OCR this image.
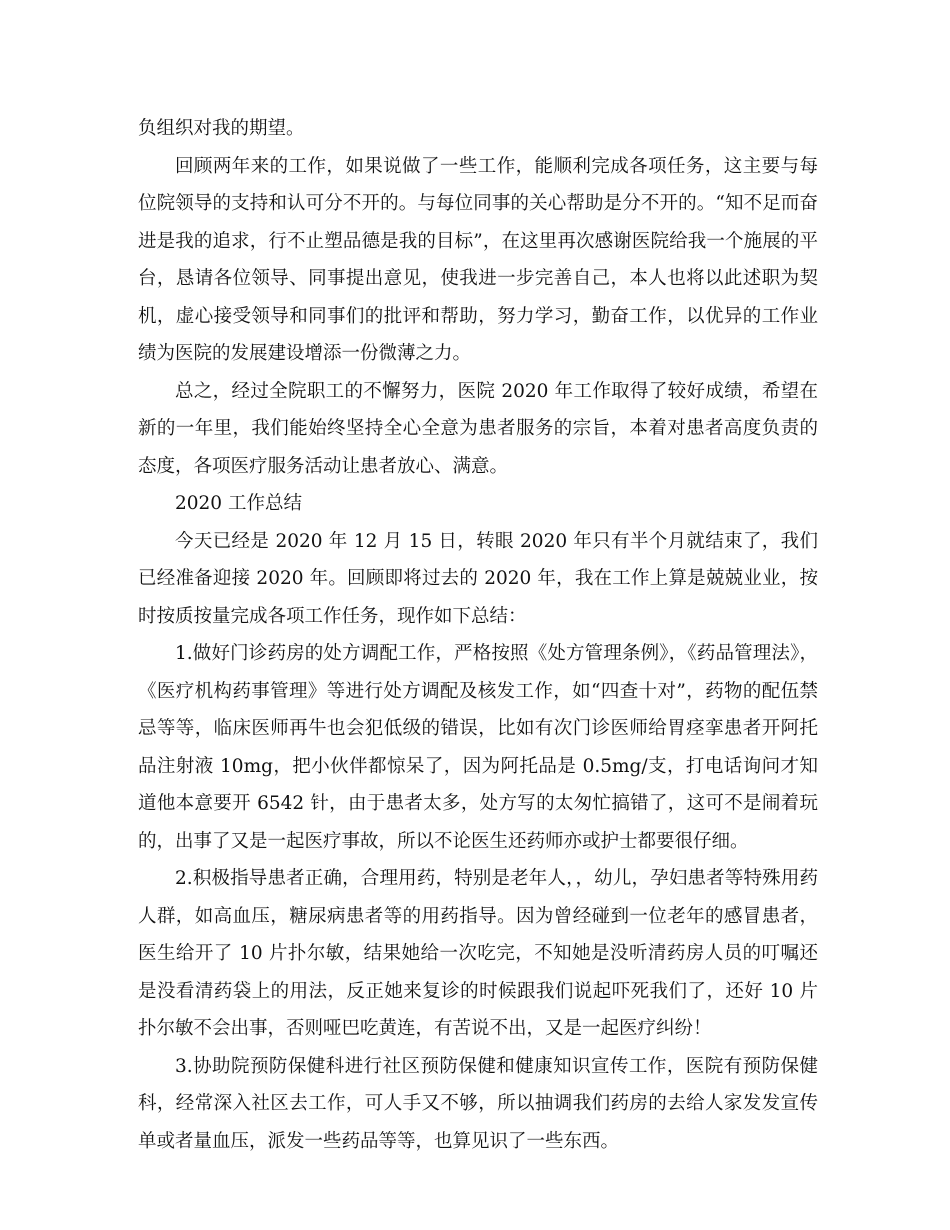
负组织对我的期望。

回顾两年来的工作，如果说做了一些工作，能顺利完成各项任务，这主要与每位院领导的支持和认可分不开的。与每位同事的关心帮助是分不开的。“知不足而奋进是我的追求，行不止塑品德是我的目标”，在这里再次感谢医院给我一个施展的平台，恳请各位领导、同事提出意见，使我进一步完善自己，本人也将以此述职为契机，虚心接受领导和同事们的批评和帮助，努力学习，勤奋工作，以优异的工作业绩为医院的发展建设增添一份微薄之力。

总之，经过全院职工的不懈努力，医院 2020 年工作取得了较好成绩，希望在新的一年里，我们能始终坚持全心全意为患者服务的宗旨，本着对患者高度负责的态度，各项医疗服务活动让患者放心、满意。

2020 工作总结

今天已经是 2020 年 12 月 15 日，转眼 2020 年只有半个月就结束了，我们已经准备迎接 2020 年。回顾即将过去的 2020 年，我在工作上算是兢兢业业，按时按质按量完成各项工作任务，现作如下总结：

1.做好门诊药房的处方调配工作，严格按照《处方管理条例》，《药品管理法》，《医疗机构药事管理》等进行处方调配及核发工作，如“四查十对”，药物的配伍禁忌等等，临床医师再牛也会犯低级的错误，比如有次门诊医师给胃痉挛患者开阿托品注射液 10mg，把小伙伴都惊呆了，因为阿托品是 0.5mg/支，打电话询问才知道他本意要开 6542 针，由于患者太多，处方写的太匆忙搞错了，这可不是闹着玩的，出事了又是一起医疗事故，所以不论医生还药师亦或护士都要很仔细。

2.积极指导患者正确，合理用药，特别是老年人，，幼儿，孕妇患者等特殊用药人群，如高血压，糖尿病患者等的用药指导。因为曾经碰到一位老年的感冒患者，医生给开了 10 片扑尔敏，结果她给一次吃完，不知她是没听清药房人员的叮嘱还是没看清药袋上的用法，反正她来复诊的时候跟我们说起吓死我们了，还好 10 片扑尔敏不会出事，否则哑巴吃黄连，有苦说不出，又是一起医疗纠纷！

3.协助院预防保健科进行社区预防保健和健康知识宣传工作，医院有预防保健科，经常深入社区去工作，可人手又不够，所以抽调我们药房的去给人家发发宣传单或者量血压，派发一些药品等等，也算见识了一些东西。
